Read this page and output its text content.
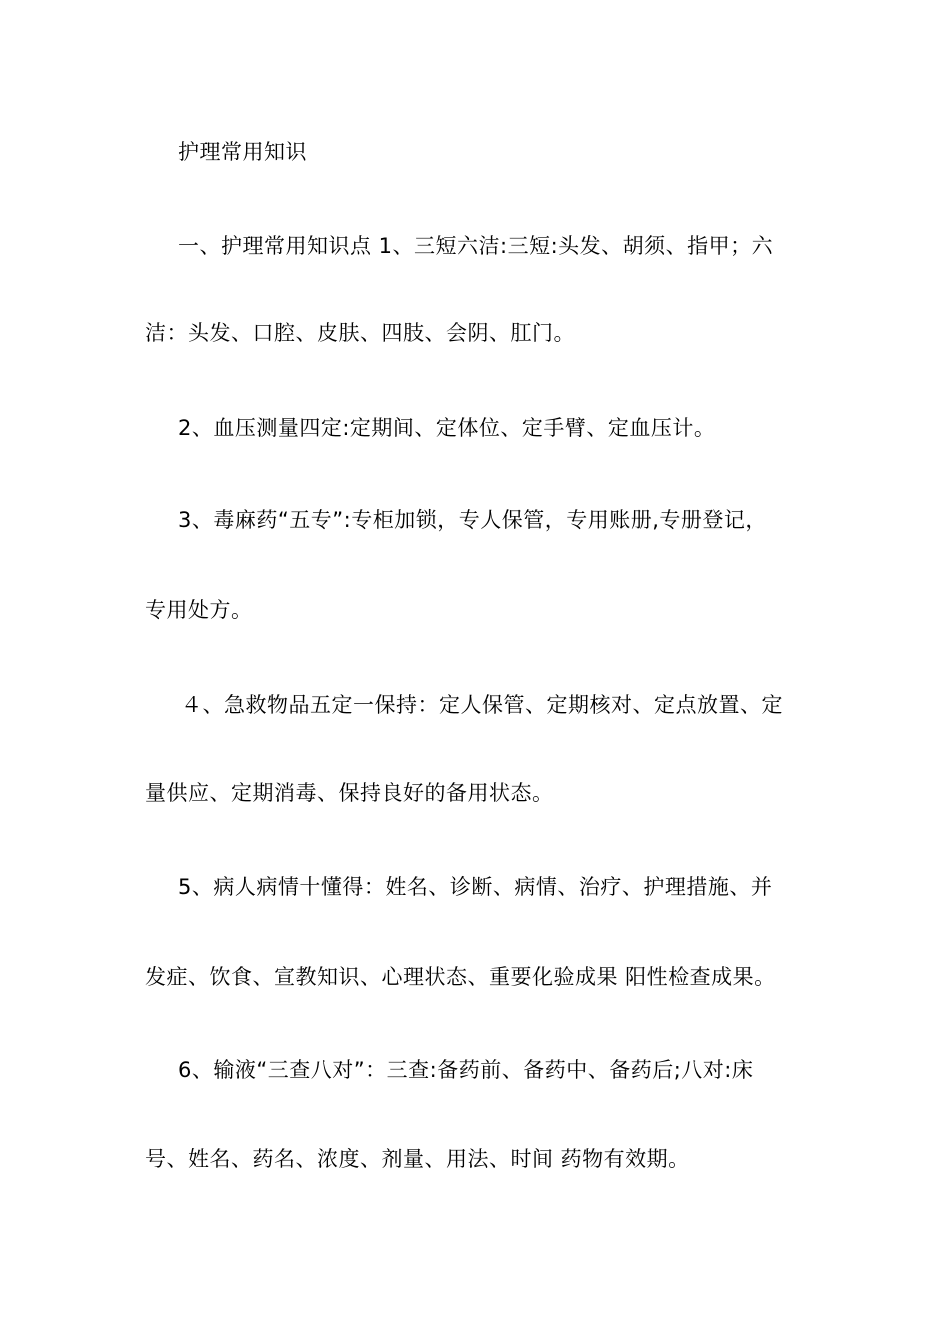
护理常用知识
一、护理常用知识点 1、三短六洁:三短:头发、胡须、指甲；六
洁：头发、口腔、皮肤、四肢、会阴、肛门。
2、血压测量四定:定期间、定体位、定手臂、定血压计。
3、毒麻药“五专”:专柜加锁，专人保管，专用账册,专册登记，
专用处方。
４、急救物品五定一保持：定人保管、定期核对、定点放置、定
量供应、定期消毒、保持良好的备用状态。
5、病人病情十懂得：姓名、诊断、病情、治疗、护理措施、并
发症、饮食、宣教知识、心理状态、重要化验成果 阳性检查成果。
6、输液“三查八对”：三查:备药前、备药中、备药后;八对:床
号、姓名、药名、浓度、剂量、用法、时间 药物有效期。
